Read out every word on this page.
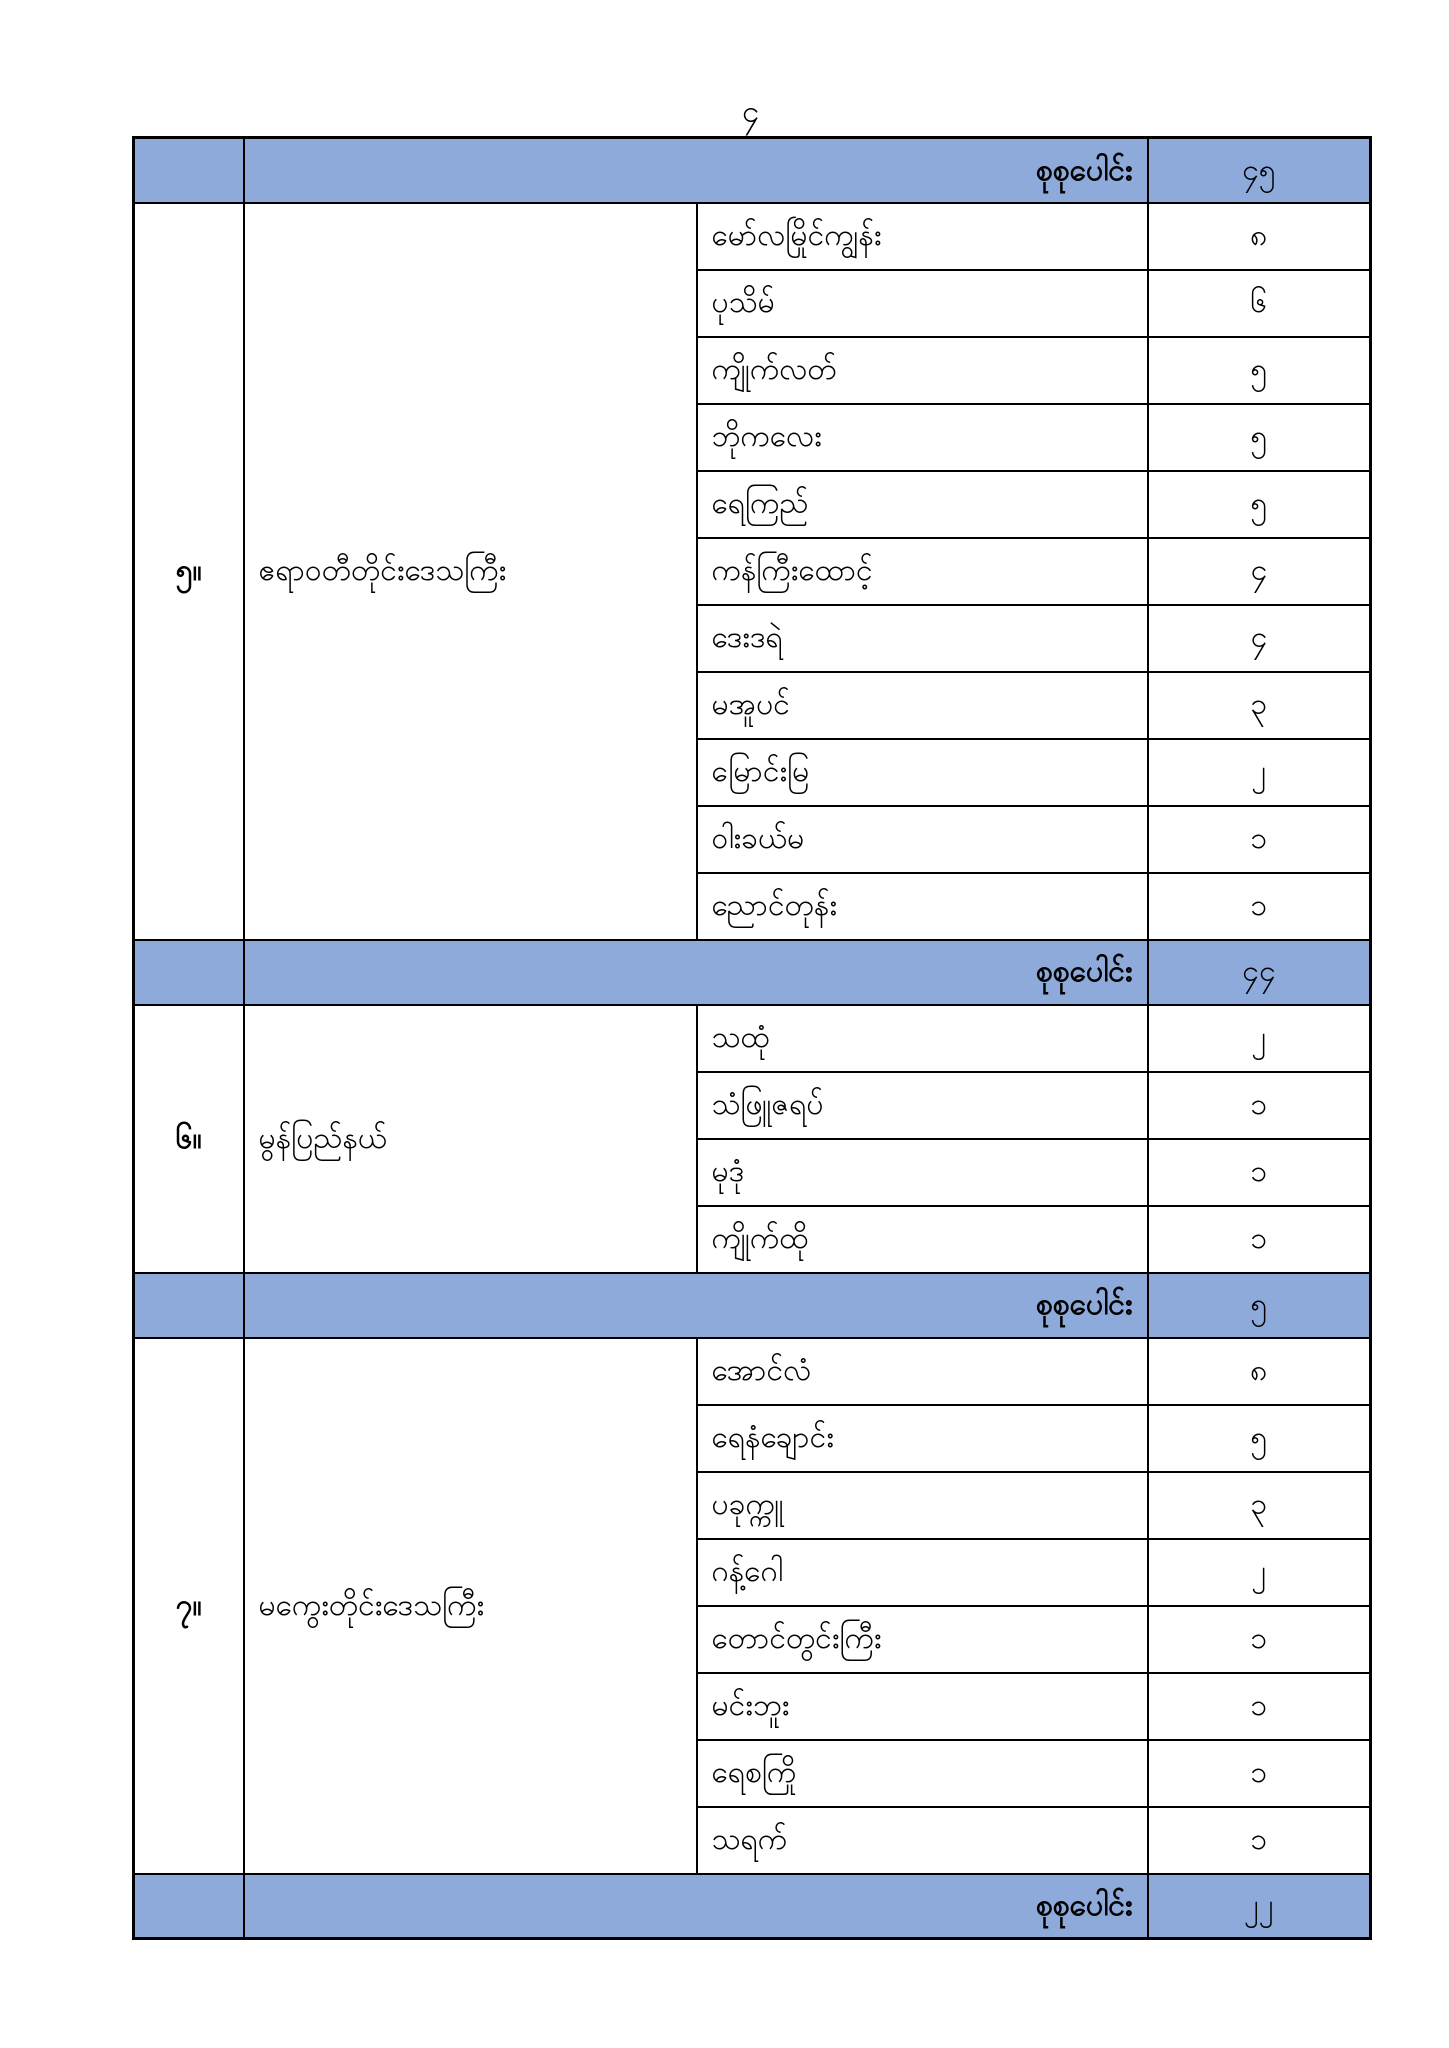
၄
	စုစုပေါင်း		၄၅
၅။	ဧရာဝတီတိုင်းဒေသကြီး	မော်လမြိုင်ကျွန်း	၈
		ပုသိမ်	၆
		ကျိုက်လတ်	၅
		ဘိုကလေး	၅
		ရေကြည်	၅
		ကန်ကြီးထောင့်	၄
		ဒေးဒရဲ	၄
		မအူပင်	၃
		မြောင်းမြ	၂
		ဝါးခယ်မ	၁
		ညောင်တုန်း	၁
	စုစုပေါင်း		၄၄
၆။	မွန်ပြည်နယ်	သထုံ	၂
		သံဖြူဇရပ်	၁
		မုဒုံ	၁
		ကျိုက်ထို	၁
	စုစုပေါင်း		၅
၇။	မကွေးတိုင်းဒေသကြီး	အောင်လံ	၈
		ရေနံချောင်း	၅
		ပခုက္ကူ	၃
		ဂန့်ဂေါ	၂
		တောင်တွင်းကြီး	၁
		မင်းဘူး	၁
		ရေစကြို	၁
		သရက်	၁
	စုစုပေါင်း		၂၂
